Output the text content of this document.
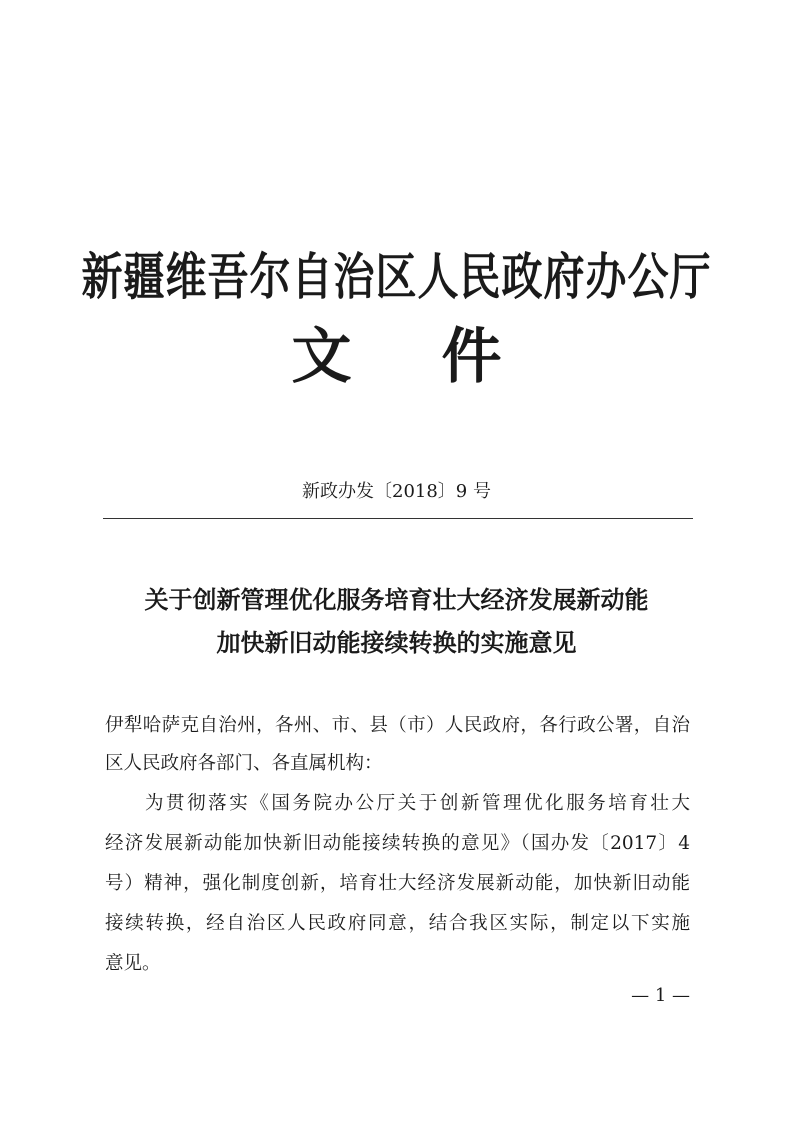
新疆维吾尔自治区人民政府办公厅
文件
新政办发〔2018〕9 号
关于创新管理优化服务培育壮大经济发展新动能
加快新旧动能接续转换的实施意见
伊犁哈萨克自治州，各州、市、县（市）人民政府，各行政公署，自治
区人民政府各部门、各直属机构：
为贯彻落实《国务院办公厅关于创新管理优化服务培育壮大
经济发展新动能加快新旧动能接续转换的意见》（国办发〔2017〕4
号）精神，强化制度创新，培育壮大经济发展新动能，加快新旧动能
接续转换，经自治区人民政府同意，结合我区实际，制定以下实施
意见。
— 1 —
